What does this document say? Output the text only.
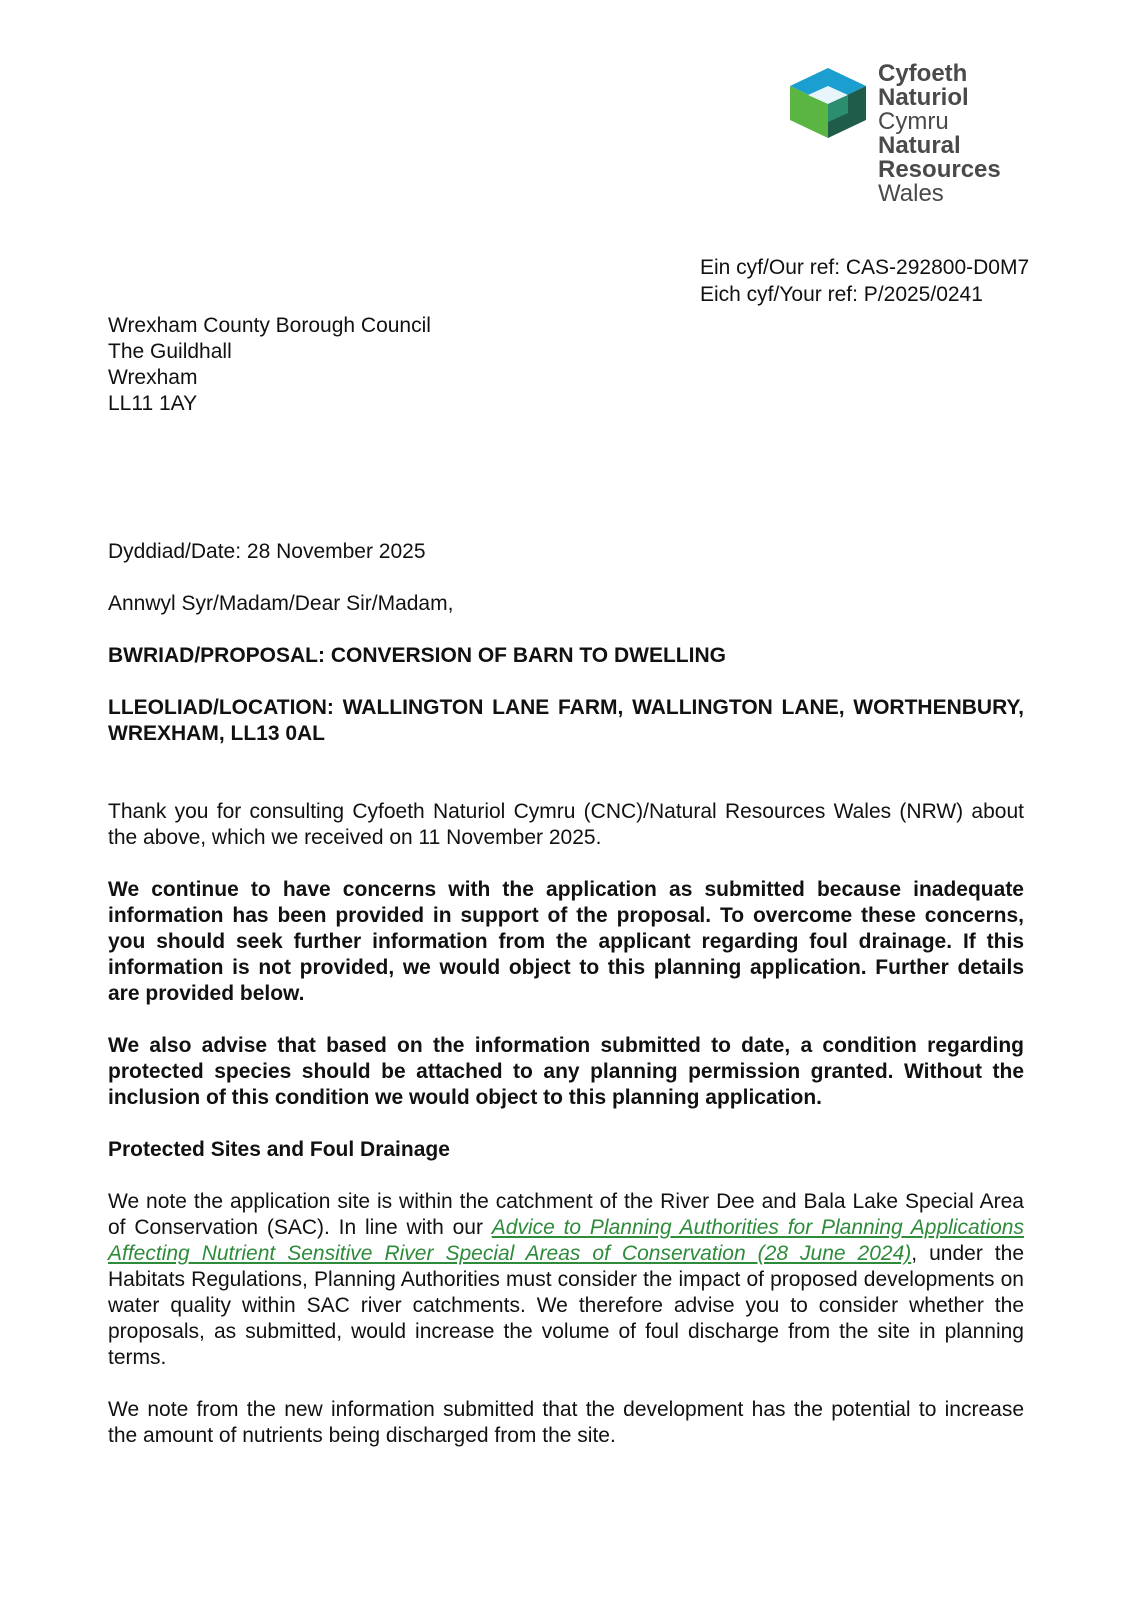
Cyfoeth
Naturiol
Cymru
Natural
Resources
Wales
Ein cyf/Our ref: CAS-292800-D0M7
Eich cyf/Your ref: P/2025/0241
Wrexham County Borough Council
The Guildhall
Wrexham
LL11 1AY
Dyddiad/Date: 28 November 2025
Annwyl Syr/Madam/Dear Sir/Madam,
BWRIAD/PROPOSAL: CONVERSION OF BARN TO DWELLING
LLEOLIAD/LOCATION: WALLINGTON LANE FARM, WALLINGTON LANE, WORTHENBURY, WREXHAM, LL13 0AL

Thank you for consulting Cyfoeth Naturiol Cymru (CNC)/Natural Resources Wales (NRW) about the above, which we received on 11 November 2025.

We continue to have concerns with the application as submitted because inadequate information has been provided in support of the proposal. To overcome these concerns, you should seek further information from the applicant regarding foul drainage. If this information is not provided, we would object to this planning application. Further details are provided below.

We also advise that based on the information submitted to date, a condition regarding protected species should be attached to any planning permission granted. Without the inclusion of this condition we would object to this planning application.

Protected Sites and Foul Drainage

We note the application site is within the catchment of the River Dee and Bala Lake Special Area of Conservation (SAC). In line with our Advice to Planning Authorities for Planning Applications Affecting Nutrient Sensitive River Special Areas of Conservation (28 June 2024), under the Habitats Regulations, Planning Authorities must consider the impact of proposed developments on water quality within SAC river catchments. We therefore advise you to consider whether the proposals, as submitted, would increase the volume of foul discharge from the site in planning terms.

We note from the new information submitted that the development has the potential to increase the amount of nutrients being discharged from the site.
